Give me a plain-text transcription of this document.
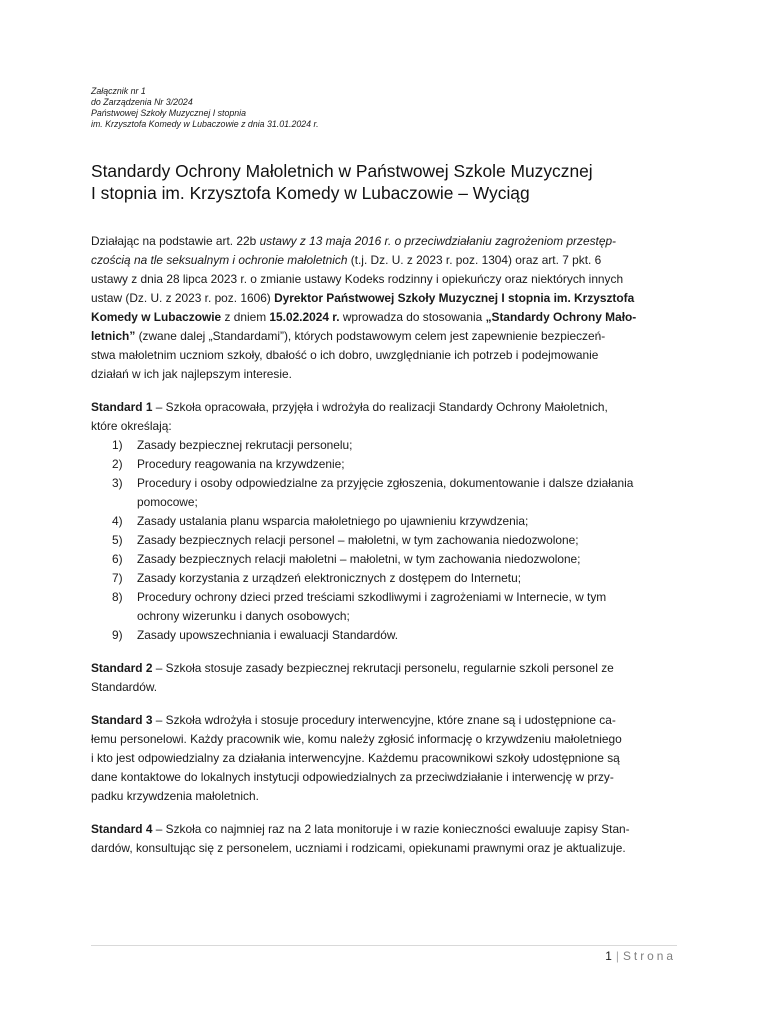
Załącznik nr 1
do Zarządzenia Nr 3/2024
Państwowej Szkoły Muzycznej I stopnia
im. Krzysztofa Komedy w Lubaczowie z dnia 31.01.2024 r.
Standardy Ochrony Małoletnich w Państwowej Szkole Muzycznej
I stopnia im. Krzysztofa Komedy w Lubaczowie – Wyciąg
Działając na podstawie art. 22b ustawy z 13 maja 2016 r. o przeciwdziałaniu zagrożeniom przestęp-
czością na tle seksualnym i ochronie małoletnich (t.j. Dz. U. z 2023 r. poz. 1304) oraz art. 7 pkt. 6
ustawy z dnia 28 lipca 2023 r. o zmianie ustawy Kodeks rodzinny i opiekuńczy oraz niektórych innych
ustaw (Dz. U. z 2023 r. poz. 1606) Dyrektor Państwowej Szkoły Muzycznej I stopnia im. Krzysztofa
Komedy w Lubaczowie z dniem 15.02.2024 r. wprowadza do stosowania „Standardy Ochrony Mało-
letnich” (zwane dalej „Standardami”), których podstawowym celem jest zapewnienie bezpieczeń-
stwa małoletnim uczniom szkoły, dbałość o ich dobro, uwzględnianie ich potrzeb i podejmowanie
działań w ich jak najlepszym interesie.
Standard 1 – Szkoła opracowała, przyjęła i wdrożyła do realizacji Standardy Ochrony Małoletnich,
które określają:
1)	Zasady bezpiecznej rekrutacji personelu;
2)	Procedury reagowania na krzywdzenie;
3)	Procedury i osoby odpowiedzialne za przyjęcie zgłoszenia, dokumentowanie i dalsze działania
pomocowe;
4)	Zasady ustalania planu wsparcia małoletniego po ujawnieniu krzywdzenia;
5)	Zasady bezpiecznych relacji personel – małoletni, w tym zachowania niedozwolone;
6)	Zasady bezpiecznych relacji małoletni – małoletni, w tym zachowania niedozwolone;
7)	Zasady korzystania z urządzeń elektronicznych z dostępem do Internetu;
8)	Procedury ochrony dzieci przed treściami szkodliwymi i zagrożeniami w Internecie, w tym
ochrony wizerunku i danych osobowych;
9)	Zasady upowszechniania i ewaluacji Standardów.
Standard 2 – Szkoła stosuje zasady bezpiecznej rekrutacji personelu, regularnie szkoli personel ze
Standardów.
Standard 3 – Szkoła wdrożyła i stosuje procedury interwencyjne, które znane są i udostępnione ca-
łemu personelowi. Każdy pracownik wie, komu należy zgłosić informację o krzywdzeniu małoletniego
i kto jest odpowiedzialny za działania interwencyjne. Każdemu pracownikowi szkoły udostępnione są
dane kontaktowe do lokalnych instytucji odpowiedzialnych za przeciwdziałanie i interwencję w przy-
padku krzywdzenia małoletnich.
Standard 4 – Szkoła co najmniej raz na 2 lata monitoruje i w razie konieczności ewaluuje zapisy Stan-
dardów, konsultując się z personelem, uczniami i rodzicami, opiekunami prawnymi oraz je aktualizuje.
1 | Strona
